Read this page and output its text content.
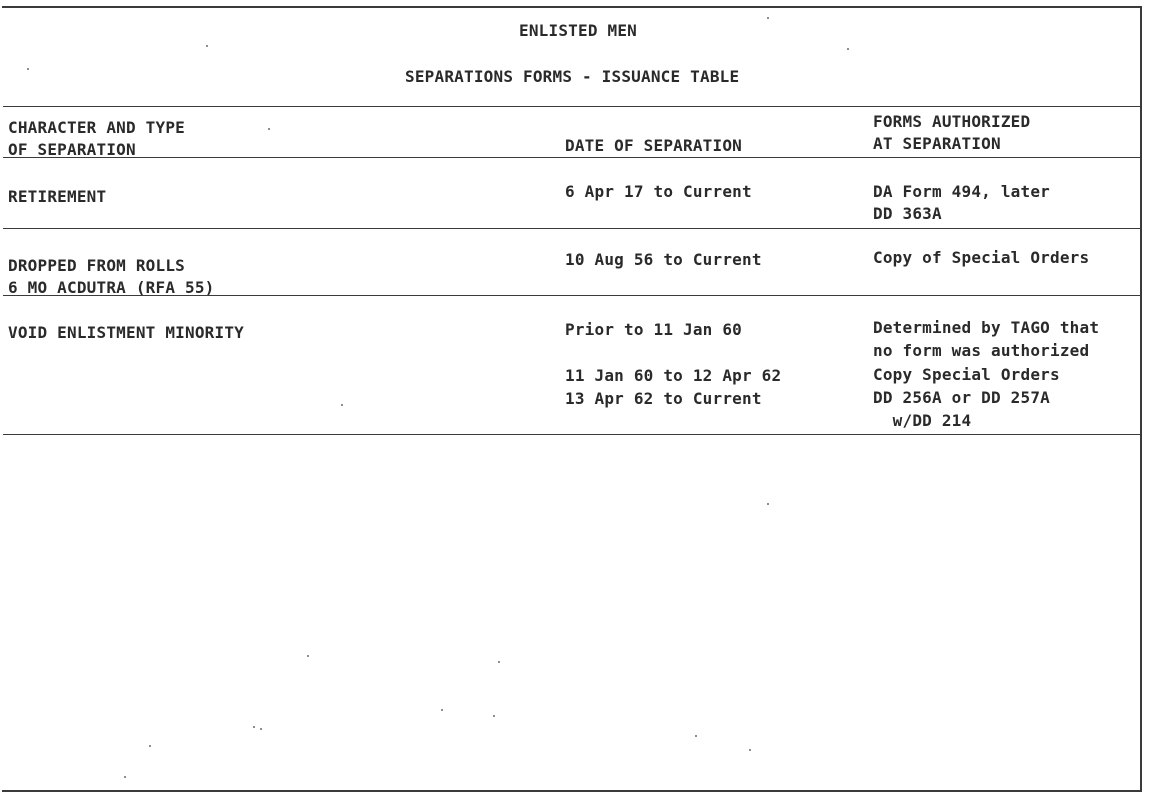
ENLISTED MEN
SEPARATIONS FORMS - ISSUANCE TABLE
CHARACTER AND TYPE
OF SEPARATION	DATE OF SEPARATION
FORMS AUTHORIZED
AT SEPARATION
RETIREMENT	6 Apr 17 to Current	DA Form 494, later
DD 363A
DROPPED FROM ROLLS
6 MO ACDUTRA (RFA 55)
10 Aug 56 to Current	Copy of Special Orders
VOID ENLISTMENT MINORITY	Prior to 11 Jan 60	Determined by TAGO that
no form was authorized
11 Jan 60 to 12 Apr 62	Copy Special Orders
13 Apr 62 to Current	DD 256A or DD 257A
w/DD 214
